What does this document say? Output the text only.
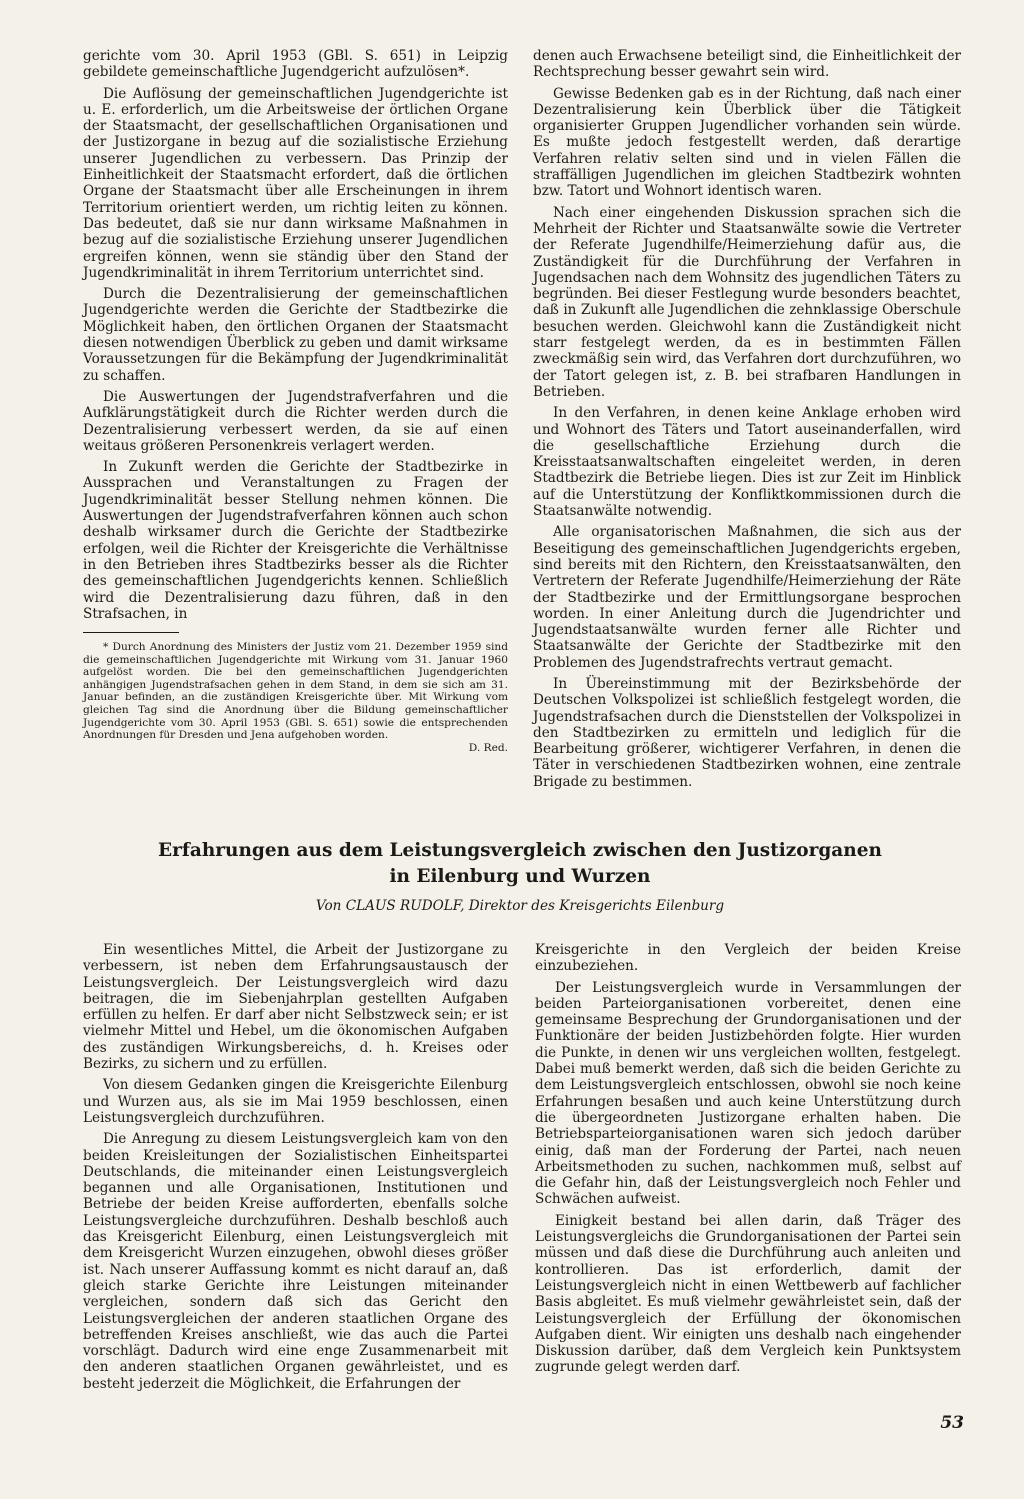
gerichte vom 30. April 1953 (GBl. S. 651) in Leipzig gebildete gemeinschaftliche Jugendgericht aufzulösen*.

Die Auflösung der gemeinschaftlichen Jugendgerichte ist u. E. erforderlich, um die Arbeitsweise der örtlichen Organe der Staatsmacht, der gesellschaftlichen Organisationen und der Justizorgane in bezug auf die sozialistische Erziehung unserer Jugendlichen zu verbessern. Das Prinzip der Einheitlichkeit der Staatsmacht erfordert, daß die örtlichen Organe der Staatsmacht über alle Erscheinungen in ihrem Territorium orientiert werden, um richtig leiten zu können. Das bedeutet, daß sie nur dann wirksame Maßnahmen in bezug auf die sozialistische Erziehung unserer Jugendlichen ergreifen können, wenn sie ständig über den Stand der Jugendkriminalität in ihrem Territorium unterrichtet sind.

Durch die Dezentralisierung der gemeinschaftlichen Jugendgerichte werden die Gerichte der Stadtbezirke die Möglichkeit haben, den örtlichen Organen der Staatsmacht diesen notwendigen Überblick zu geben und damit wirksame Voraussetzungen für die Bekämpfung der Jugendkriminalität zu schaffen.

Die Auswertungen der Jugendstrafverfahren und die Aufklärungstätigkeit durch die Richter werden durch die Dezentralisierung verbessert werden, da sie auf einen weitaus größeren Personenkreis verlagert werden.

In Zukunft werden die Gerichte der Stadtbezirke in Aussprachen und Veranstaltungen zu Fragen der Jugendkriminalität besser Stellung nehmen können. Die Auswertungen der Jugendstrafverfahren können auch schon deshalb wirksamer durch die Gerichte der Stadtbezirke erfolgen, weil die Richter der Kreisgerichte die Verhältnisse in den Betrieben ihres Stadtbezirks besser als die Richter des gemeinschaftlichen Jugendgerichts kennen. Schließlich wird die Dezentralisierung dazu führen, daß in den Strafsachen, in

* Durch Anordnung des Ministers der Justiz vom 21. Dezember 1959 sind die gemeinschaftlichen Jugendgerichte mit Wirkung vom 31. Januar 1960 aufgelöst worden. Die bei den gemeinschaftlichen Jugendgerichten anhängigen Jugendstrafsachen gehen in dem Stand, in dem sie sich am 31. Januar befinden, an die zuständigen Kreisgerichte über. Mit Wirkung vom gleichen Tag sind die Anordnung über die Bildung gemeinschaftlicher Jugendgerichte vom 30. April 1953 (GBl. S. 651) sowie die entsprechenden Anordnungen für Dresden und Jena aufgehoben worden.
D. Red.

denen auch Erwachsene beteiligt sind, die Einheitlichkeit der Rechtsprechung besser gewahrt sein wird.

Gewisse Bedenken gab es in der Richtung, daß nach einer Dezentralisierung kein Überblick über die Tätigkeit organisierter Gruppen Jugendlicher vorhanden sein würde. Es mußte jedoch festgestellt werden, daß derartige Verfahren relativ selten sind und in vielen Fällen die straffälligen Jugendlichen im gleichen Stadtbezirk wohnten bzw. Tatort und Wohnort identisch waren.

Nach einer eingehenden Diskussion sprachen sich die Mehrheit der Richter und Staatsanwälte sowie die Vertreter der Referate Jugendhilfe/Heimerziehung dafür aus, die Zuständigkeit für die Durchführung der Verfahren in Jugendsachen nach dem Wohnsitz des jugendlichen Täters zu begründen. Bei dieser Festlegung wurde besonders beachtet, daß in Zukunft alle Jugendlichen die zehnklassige Oberschule besuchen werden. Gleichwohl kann die Zuständigkeit nicht starr festgelegt werden, da es in bestimmten Fällen zweckmäßig sein wird, das Verfahren dort durchzuführen, wo der Tatort gelegen ist, z. B. bei strafbaren Handlungen in Betrieben.

In den Verfahren, in denen keine Anklage erhoben wird und Wohnort des Täters und Tatort auseinanderfallen, wird die gesellschaftliche Erziehung durch die Kreisstaatsanwaltschaften eingeleitet werden, in deren Stadtbezirk die Betriebe liegen. Dies ist zur Zeit im Hinblick auf die Unterstützung der Konfliktkommissionen durch die Staatsanwälte notwendig.

Alle organisatorischen Maßnahmen, die sich aus der Beseitigung des gemeinschaftlichen Jugendgerichts ergeben, sind bereits mit den Richtern, den Kreisstaatsanwälten, den Vertretern der Referate Jugendhilfe/Heimerziehung der Räte der Stadtbezirke und der Ermittlungsorgane besprochen worden. In einer Anleitung durch die Jugendrichter und Jugendstaatsanwälte wurden ferner alle Richter und Staatsanwälte der Gerichte der Stadtbezirke mit den Problemen des Jugendstrafrechts vertraut gemacht.

In Übereinstimmung mit der Bezirksbehörde der Deutschen Volkspolizei ist schließlich festgelegt worden, die Jugendstrafsachen durch die Dienststellen der Volkspolizei in den Stadtbezirken zu ermitteln und lediglich für die Bearbeitung größerer, wichtigerer Verfahren, in denen die Täter in verschiedenen Stadtbezirken wohnen, eine zentrale Brigade zu bestimmen.

Erfahrungen aus dem Leistungsvergleich zwischen den Justizorganen
in Eilenburg und Wurzen
Von CLAUS RUDOLF, Direktor des Kreisgerichts Eilenburg

Ein wesentliches Mittel, die Arbeit der Justizorgane zu verbessern, ist neben dem Erfahrungsaustausch der Leistungsvergleich. Der Leistungsvergleich wird dazu beitragen, die im Siebenjahrplan gestellten Aufgaben erfüllen zu helfen. Er darf aber nicht Selbstzweck sein; er ist vielmehr Mittel und Hebel, um die ökonomischen Aufgaben des zuständigen Wirkungsbereichs, d. h. Kreises oder Bezirks, zu sichern und zu erfüllen.

Von diesem Gedanken gingen die Kreisgerichte Eilenburg und Wurzen aus, als sie im Mai 1959 beschlossen, einen Leistungsvergleich durchzuführen.

Die Anregung zu diesem Leistungsvergleich kam von den beiden Kreisleitungen der Sozialistischen Einheitspartei Deutschlands, die miteinander einen Leistungsvergleich begannen und alle Organisationen, Institutionen und Betriebe der beiden Kreise aufforderten, ebenfalls solche Leistungsvergleiche durchzuführen. Deshalb beschloß auch das Kreisgericht Eilenburg, einen Leistungsvergleich mit dem Kreisgericht Wurzen einzugehen, obwohl dieses größer ist. Nach unserer Auffassung kommt es nicht darauf an, daß gleich starke Gerichte ihre Leistungen miteinander vergleichen, sondern daß sich das Gericht den Leistungsvergleichen der anderen staatlichen Organe des betreffenden Kreises anschließt, wie das auch die Partei vorschlägt. Dadurch wird eine enge Zusammenarbeit mit den anderen staatlichen Organen gewährleistet, und es besteht jederzeit die Möglichkeit, die Erfahrungen der

Kreisgerichte in den Vergleich der beiden Kreise einzubeziehen.

Der Leistungsvergleich wurde in Versammlungen der beiden Parteiorganisationen vorbereitet, denen eine gemeinsame Besprechung der Grundorganisationen und der Funktionäre der beiden Justizbehörden folgte. Hier wurden die Punkte, in denen wir uns vergleichen wollten, festgelegt. Dabei muß bemerkt werden, daß sich die beiden Gerichte zu dem Leistungsvergleich entschlossen, obwohl sie noch keine Erfahrungen besaßen und auch keine Unterstützung durch die übergeordneten Justizorgane erhalten haben. Die Betriebsparteiorganisationen waren sich jedoch darüber einig, daß man der Forderung der Partei, nach neuen Arbeitsmethoden zu suchen, nachkommen muß, selbst auf die Gefahr hin, daß der Leistungsvergleich noch Fehler und Schwächen aufweist.

Einigkeit bestand bei allen darin, daß Träger des Leistungsvergleichs die Grundorganisationen der Partei sein müssen und daß diese die Durchführung auch anleiten und kontrollieren. Das ist erforderlich, damit der Leistungsvergleich nicht in einen Wettbewerb auf fachlicher Basis abgleitet. Es muß vielmehr gewährleistet sein, daß der Leistungsvergleich der Erfüllung der ökonomischen Aufgaben dient. Wir einigten uns deshalb nach eingehender Diskussion darüber, daß dem Vergleich kein Punktsystem zugrunde gelegt werden darf.

53
